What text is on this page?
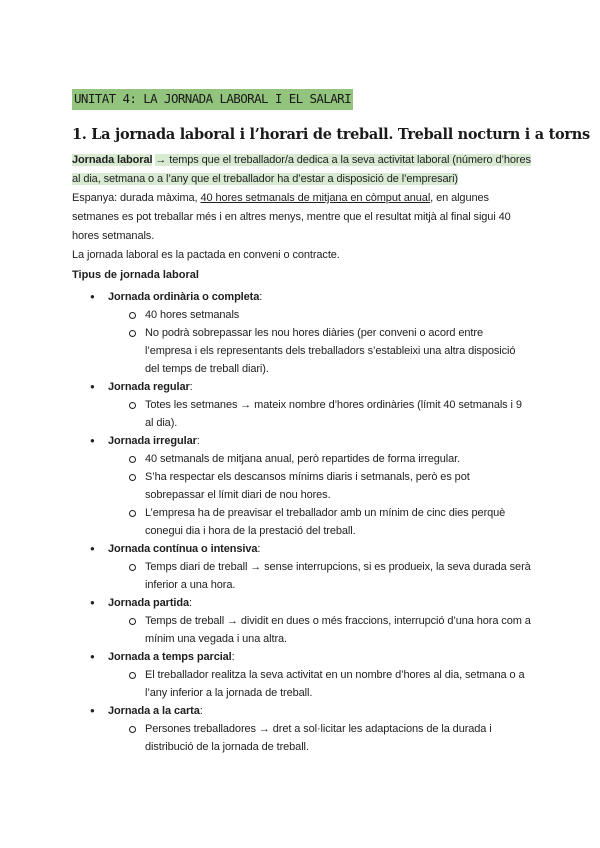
UNITAT 4: LA JORNADA LABORAL I EL SALARI
1. La jornada laboral i l’horari de treball. Treball nocturn i a torns

Jornada laboral → temps que el treballador/a dedica a la seva activitat laboral (número d’hores al dia, setmana o a l’any que el treballador ha d’estar a disposició de l’empresari)

Espanya: durada màxima, 40 hores setmanals de mitjana en còmput anual, en algunes setmanes es pot treballar més i en altres menys, mentre que el resultat mitjà al final sigui 40 hores setmanals.

La jornada laboral es la pactada en conveni o contracte.

Tipus de jornada laboral
● Jornada ordinària o completa:
40 hores setmanals
No podrà sobrepassar les nou hores diàries (per conveni o acord entre l’empresa i els representants dels treballadors s’estableixi una altra disposició del temps de treball diari).
● Jornada regular:
Totes les setmanes → mateix nombre d’hores ordinàries (límit 40 setmanals i 9 al dia).
● Jornada irregular:
40 setmanals de mitjana anual, però repartides de forma irregular.
S’ha respectar els descansos mínims diaris i setmanals, però es pot sobrepassar el límit diari de nou hores.
L’empresa ha de preavisar el treballador amb un mínim de cinc dies perquè conegui dia i hora de la prestació del treball.
● Jornada contínua o intensiva:
Temps diari de treball → sense interrupcions, si es produeix, la seva durada serà inferior a una hora.
● Jornada partida:
Temps de treball → dividit en dues o més fraccions, interrupció d’una hora com a mínim una vegada i una altra.
● Jornada a temps parcial:
El treballador realitza la seva activitat en un nombre d’hores al dia, setmana o a l’any inferior a la jornada de treball.
● Jornada a la carta:
Persones treballadores → dret a sol·licitar les adaptacions de la durada i distribució de la jornada de treball.
